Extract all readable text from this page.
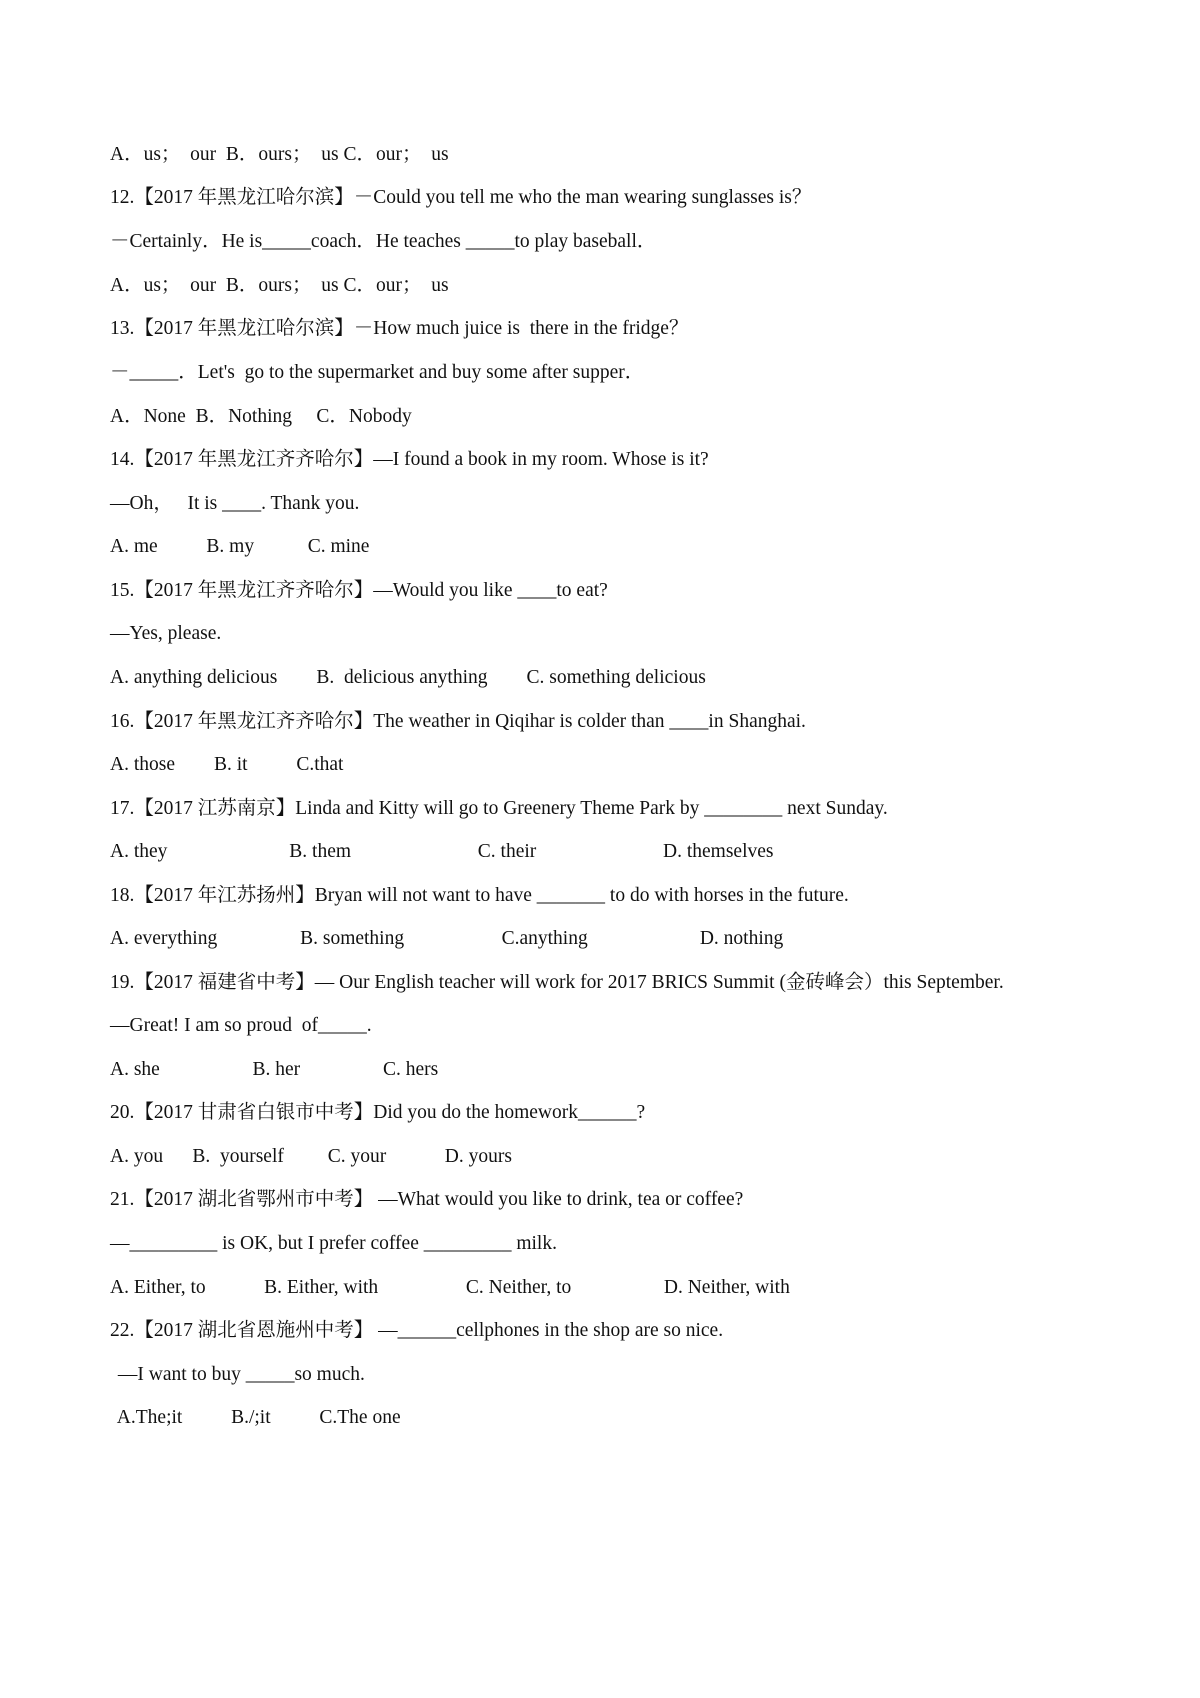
A．us；  our  B．ours；  us C．our；  us
12.【2017 年黑龙江哈尔滨】－Could you tell me who the man wearing sunglasses is？
－Certainly．He is_____coach．He teaches _____to play baseball．
A．us；  our  B．ours；  us C．our；  us
13.【2017 年黑龙江哈尔滨】－How much juice is  there in the fridge？
－_____．Let's  go to the supermarket and buy some after supper．
A．None  B．Nothing     C．Nobody
14.【2017 年黑龙江齐齐哈尔】—I found a book in my room. Whose is it?
—Oh，   It is ____. Thank you.
A. me          B. my           C. mine
15.【2017 年黑龙江齐齐哈尔】—Would you like ____to eat?
—Yes, please.
A. anything delicious        B.  delicious anything        C. something delicious
16.【2017 年黑龙江齐齐哈尔】The weather in Qiqihar is colder than ____in Shanghai.
A. those        B. it          C.that
17.【2017 江苏南京】Linda and Kitty will go to Greenery Theme Park by ________ next Sunday.
A. they                         B. them                          C. their                          D. themselves
18.【2017 年江苏扬州】Bryan will not want to have _______ to do with horses in the future.
A. everything                 B. something                    C.anything                       D. nothing
19.【2017 福建省中考】— Our English teacher will work for 2017 BRICS Summit (金砖峰会）this September.
—Great! I am so proud  of_____.
A. she                   B. her                 C. hers
20.【2017 甘肃省白银市中考】Did you do the homework______?
A. you      B.  yourself         C. your            D. yours
21.【2017 湖北省鄂州市中考】 —What would you like to drink, tea or coffee?
—_________ is OK, but I prefer coffee _________ milk.
A. Either, to            B. Either, with                  C. Neither, to                   D. Neither, with
22.【2017 湖北省恩施州中考】 —______cellphones in the shop are so nice.
—I want to buy _____so much.
A.The;it          B./;it          C.The one
